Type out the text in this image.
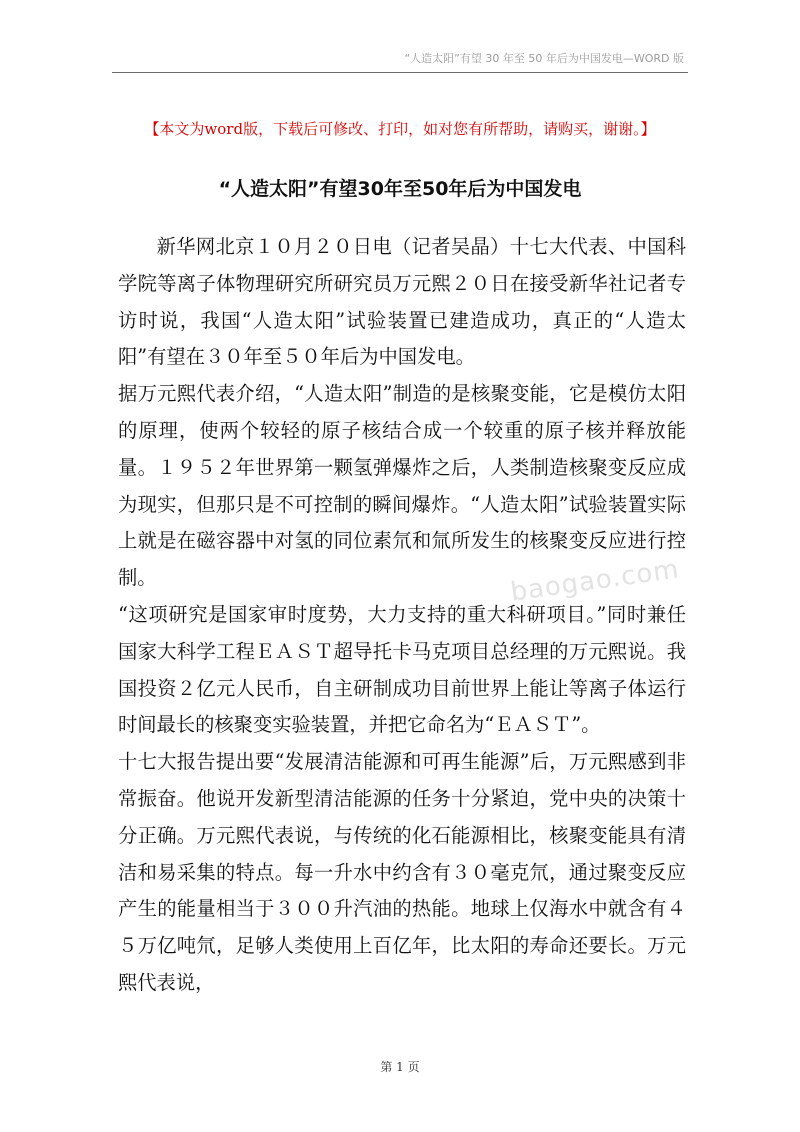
“人造太阳”有望 30 年至 50 年后为中国发电—WORD 版
【本文为word版，下载后可修改、打印，如对您有所帮助，请购买，谢谢。】
“人造太阳”有望30年至50年后为中国发电

新华网北京１０月２０日电（记者吴晶）十七大代表、中国科学院等离子体物理研究所研究员万元熙２０日在接受新华社记者专访时说，我国“人造太阳”试验装置已建造成功，真正的“人造太阳”有望在３０年至５０年后为中国发电。

据万元熙代表介绍，“人造太阳”制造的是核聚变能，它是模仿太阳的原理，使两个较轻的原子核结合成一个较重的原子核并释放能量。１９５２年世界第一颗氢弹爆炸之后，人类制造核聚变反应成为现实，但那只是不可控制的瞬间爆炸。“人造太阳”试验装置实际上就是在磁容器中对氢的同位素氘和氚所发生的核聚变反应进行控制。

“这项研究是国家审时度势，大力支持的重大科研项目。”同时兼任国家大科学工程ＥＡＳＴ超导托卡马克项目总经理的万元熙说。我国投资２亿元人民币，自主研制成功目前世界上能让等离子体运行时间最长的核聚变实验装置，并把它命名为“ＥＡＳＴ”。

十七大报告提出要“发展清洁能源和可再生能源”后，万元熙感到非常振奋。他说开发新型清洁能源的任务十分紧迫，党中央的决策十分正确。万元熙代表说，与传统的化石能源相比，核聚变能具有清洁和易采集的特点。每一升水中约含有３０毫克氘，通过聚变反应产生的能量相当于３００升汽油的热能。地球上仅海水中就含有４５万亿吨氘，足够人类使用上百亿年，比太阳的寿命还要长。万元熙代表说，

baogao.com
第 1 页
